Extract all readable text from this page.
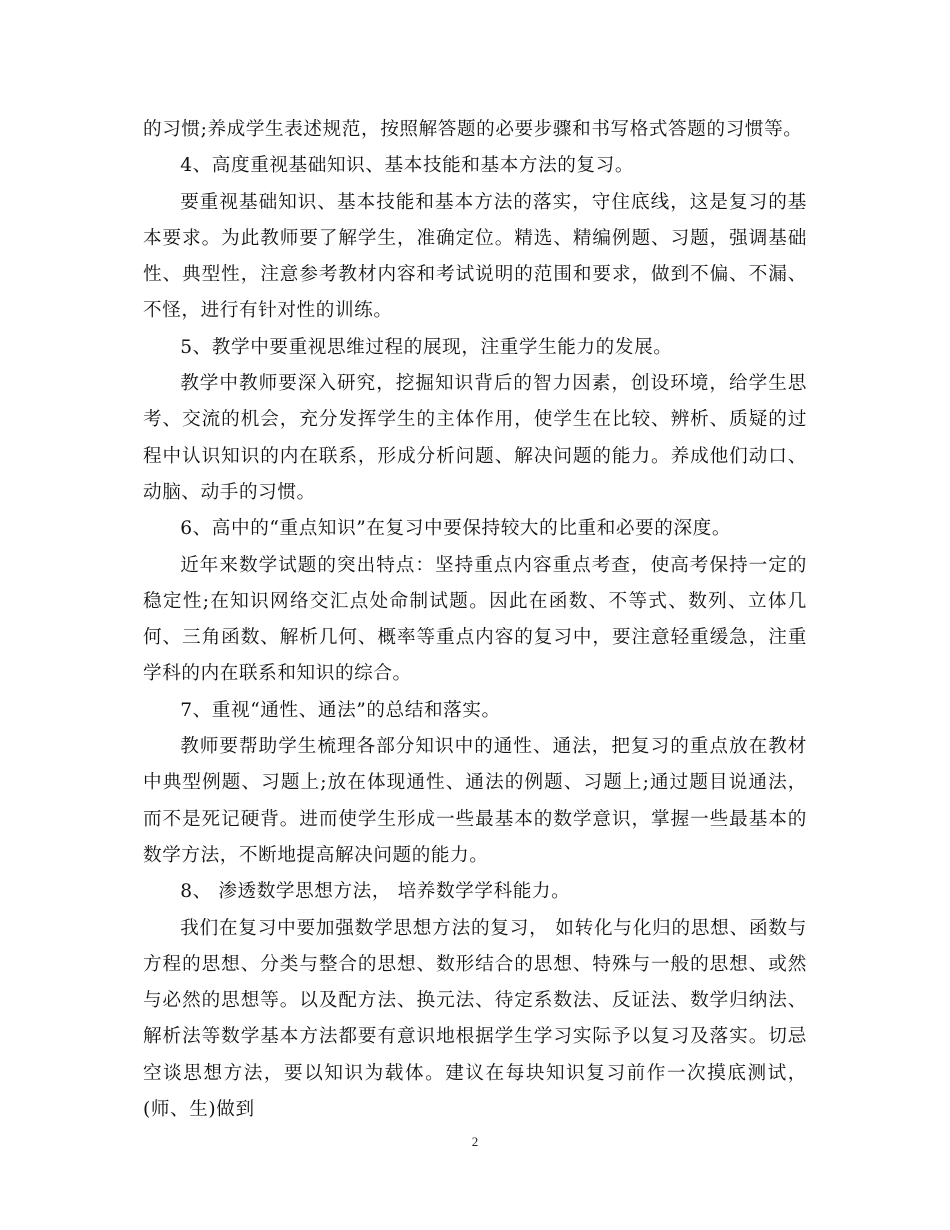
的习惯;养成学生表述规范，按照解答题的必要步骤和书写格式答题的习惯等。

4、高度重视基础知识、基本技能和基本方法的复习。

要重视基础知识、基本技能和基本方法的落实，守住底线，这是复习的基本要求。为此教师要了解学生，准确定位。精选、精编例题、习题，强调基础性、典型性，注意参考教材内容和考试说明的范围和要求，做到不偏、不漏、不怪，进行有针对性的训练。

5、教学中要重视思维过程的展现，注重学生能力的发展。

教学中教师要深入研究，挖掘知识背后的智力因素，创设环境，给学生思考、交流的机会，充分发挥学生的主体作用，使学生在比较、辨析、质疑的过程中认识知识的内在联系，形成分析问题、解决问题的能力。养成他们动口、动脑、动手的习惯。

6、高中的“重点知识”在复习中要保持较大的比重和必要的深度。

近年来数学试题的突出特点：坚持重点内容重点考查，使高考保持一定的稳定性;在知识网络交汇点处命制试题。因此在函数、不等式、数列、立体几何、三角函数、解析几何、概率等重点内容的复习中，要注意轻重缓急，注重学科的内在联系和知识的综合。

7、重视“通性、通法”的总结和落实。

教师要帮助学生梳理各部分知识中的通性、通法，把复习的重点放在教材中典型例题、习题上;放在体现通性、通法的例题、习题上;通过题目说通法，而不是死记硬背。进而使学生形成一些最基本的数学意识，掌握一些最基本的数学方法，不断地提高解决问题的能力。

8、 渗透数学思想方法， 培养数学学科能力。

我们在复习中要加强数学思想方法的复习， 如转化与化归的思想、函数与方程的思想、分类与整合的思想、数形结合的思想、特殊与一般的思想、或然与必然的思想等。以及配方法、换元法、待定系数法、反证法、数学归纳法、解析法等数学基本方法都要有意识地根据学生学习实际予以复习及落实。切忌空谈思想方法，要以知识为载体。建议在每块知识复习前作一次摸底测试，(师、生)做到

2
